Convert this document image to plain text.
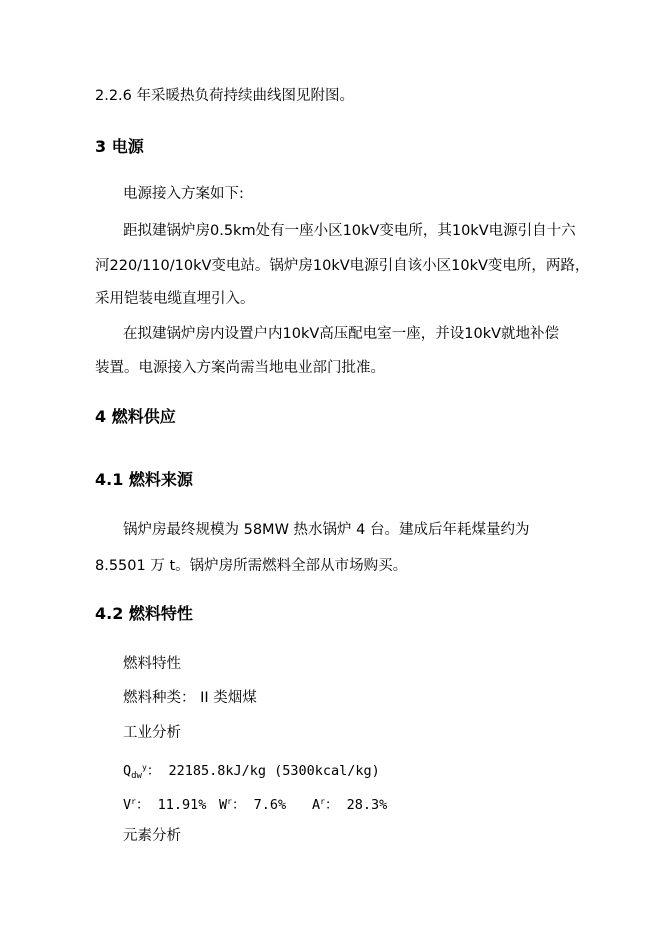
2.2.6 年采暖热负荷持续曲线图见附图。
3 电源
电源接入方案如下:
距拟建锅炉房0.5km处有一座小区10kV变电所，其10kV电源引自十六
河220/110/10kV变电站。锅炉房10kV电源引自该小区10kV变电所，两路，
采用铠装电缆直埋引入。
在拟建锅炉房内设置户内10kV高压配电室一座，并设10kV就地补偿
装置。电源接入方案尚需当地电业部门批准。
4 燃料供应
4.1 燃料来源
锅炉房最终规模为 58MW 热水锅炉 4 台。建成后年耗煤量约为
8.5501 万 t。锅炉房所需燃料全部从市场购买。
4.2 燃料特性
燃料特性
燃料种类： II 类烟煤
工业分析
$Q_{dw}^y$： 22185.8kJ/kg (5300kcal/kg)
$V^r$： 11.91% $W^r$： 7.6% $A^r$： 28.3%
元素分析
